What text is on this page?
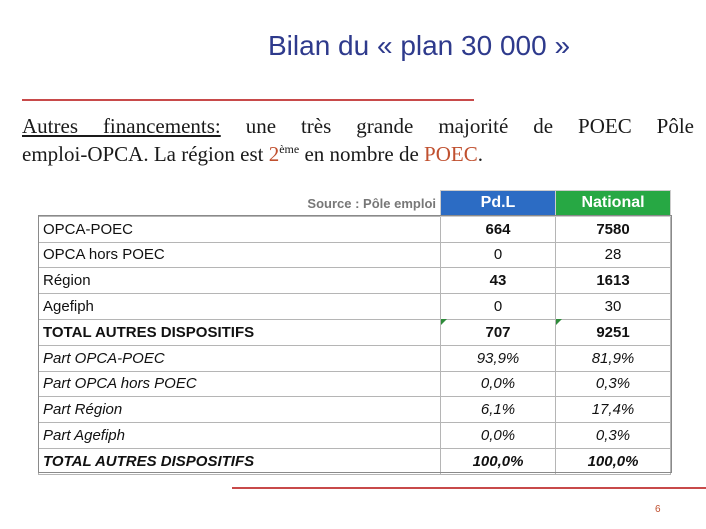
Bilan du « plan 30 000 »
Autres financements: une très grande majorité de POEC Pôle
emploi-OPCA. La région est 2ème en nombre de POEC.
Source : Pôle emploi	Pd.L	National
OPCA-POEC	664	7580
OPCA hors POEC	0	28
Région	43	1613
Agefiph	0	30
TOTAL AUTRES DISPOSITIFS	707	9251
Part OPCA-POEC	93,9%	81,9%
Part OPCA hors POEC	0,0%	0,3%
Part Région	6,1%	17,4%
Part Agefiph	0,0%	0,3%
TOTAL AUTRES DISPOSITIFS	100,0%	100,0%
6
